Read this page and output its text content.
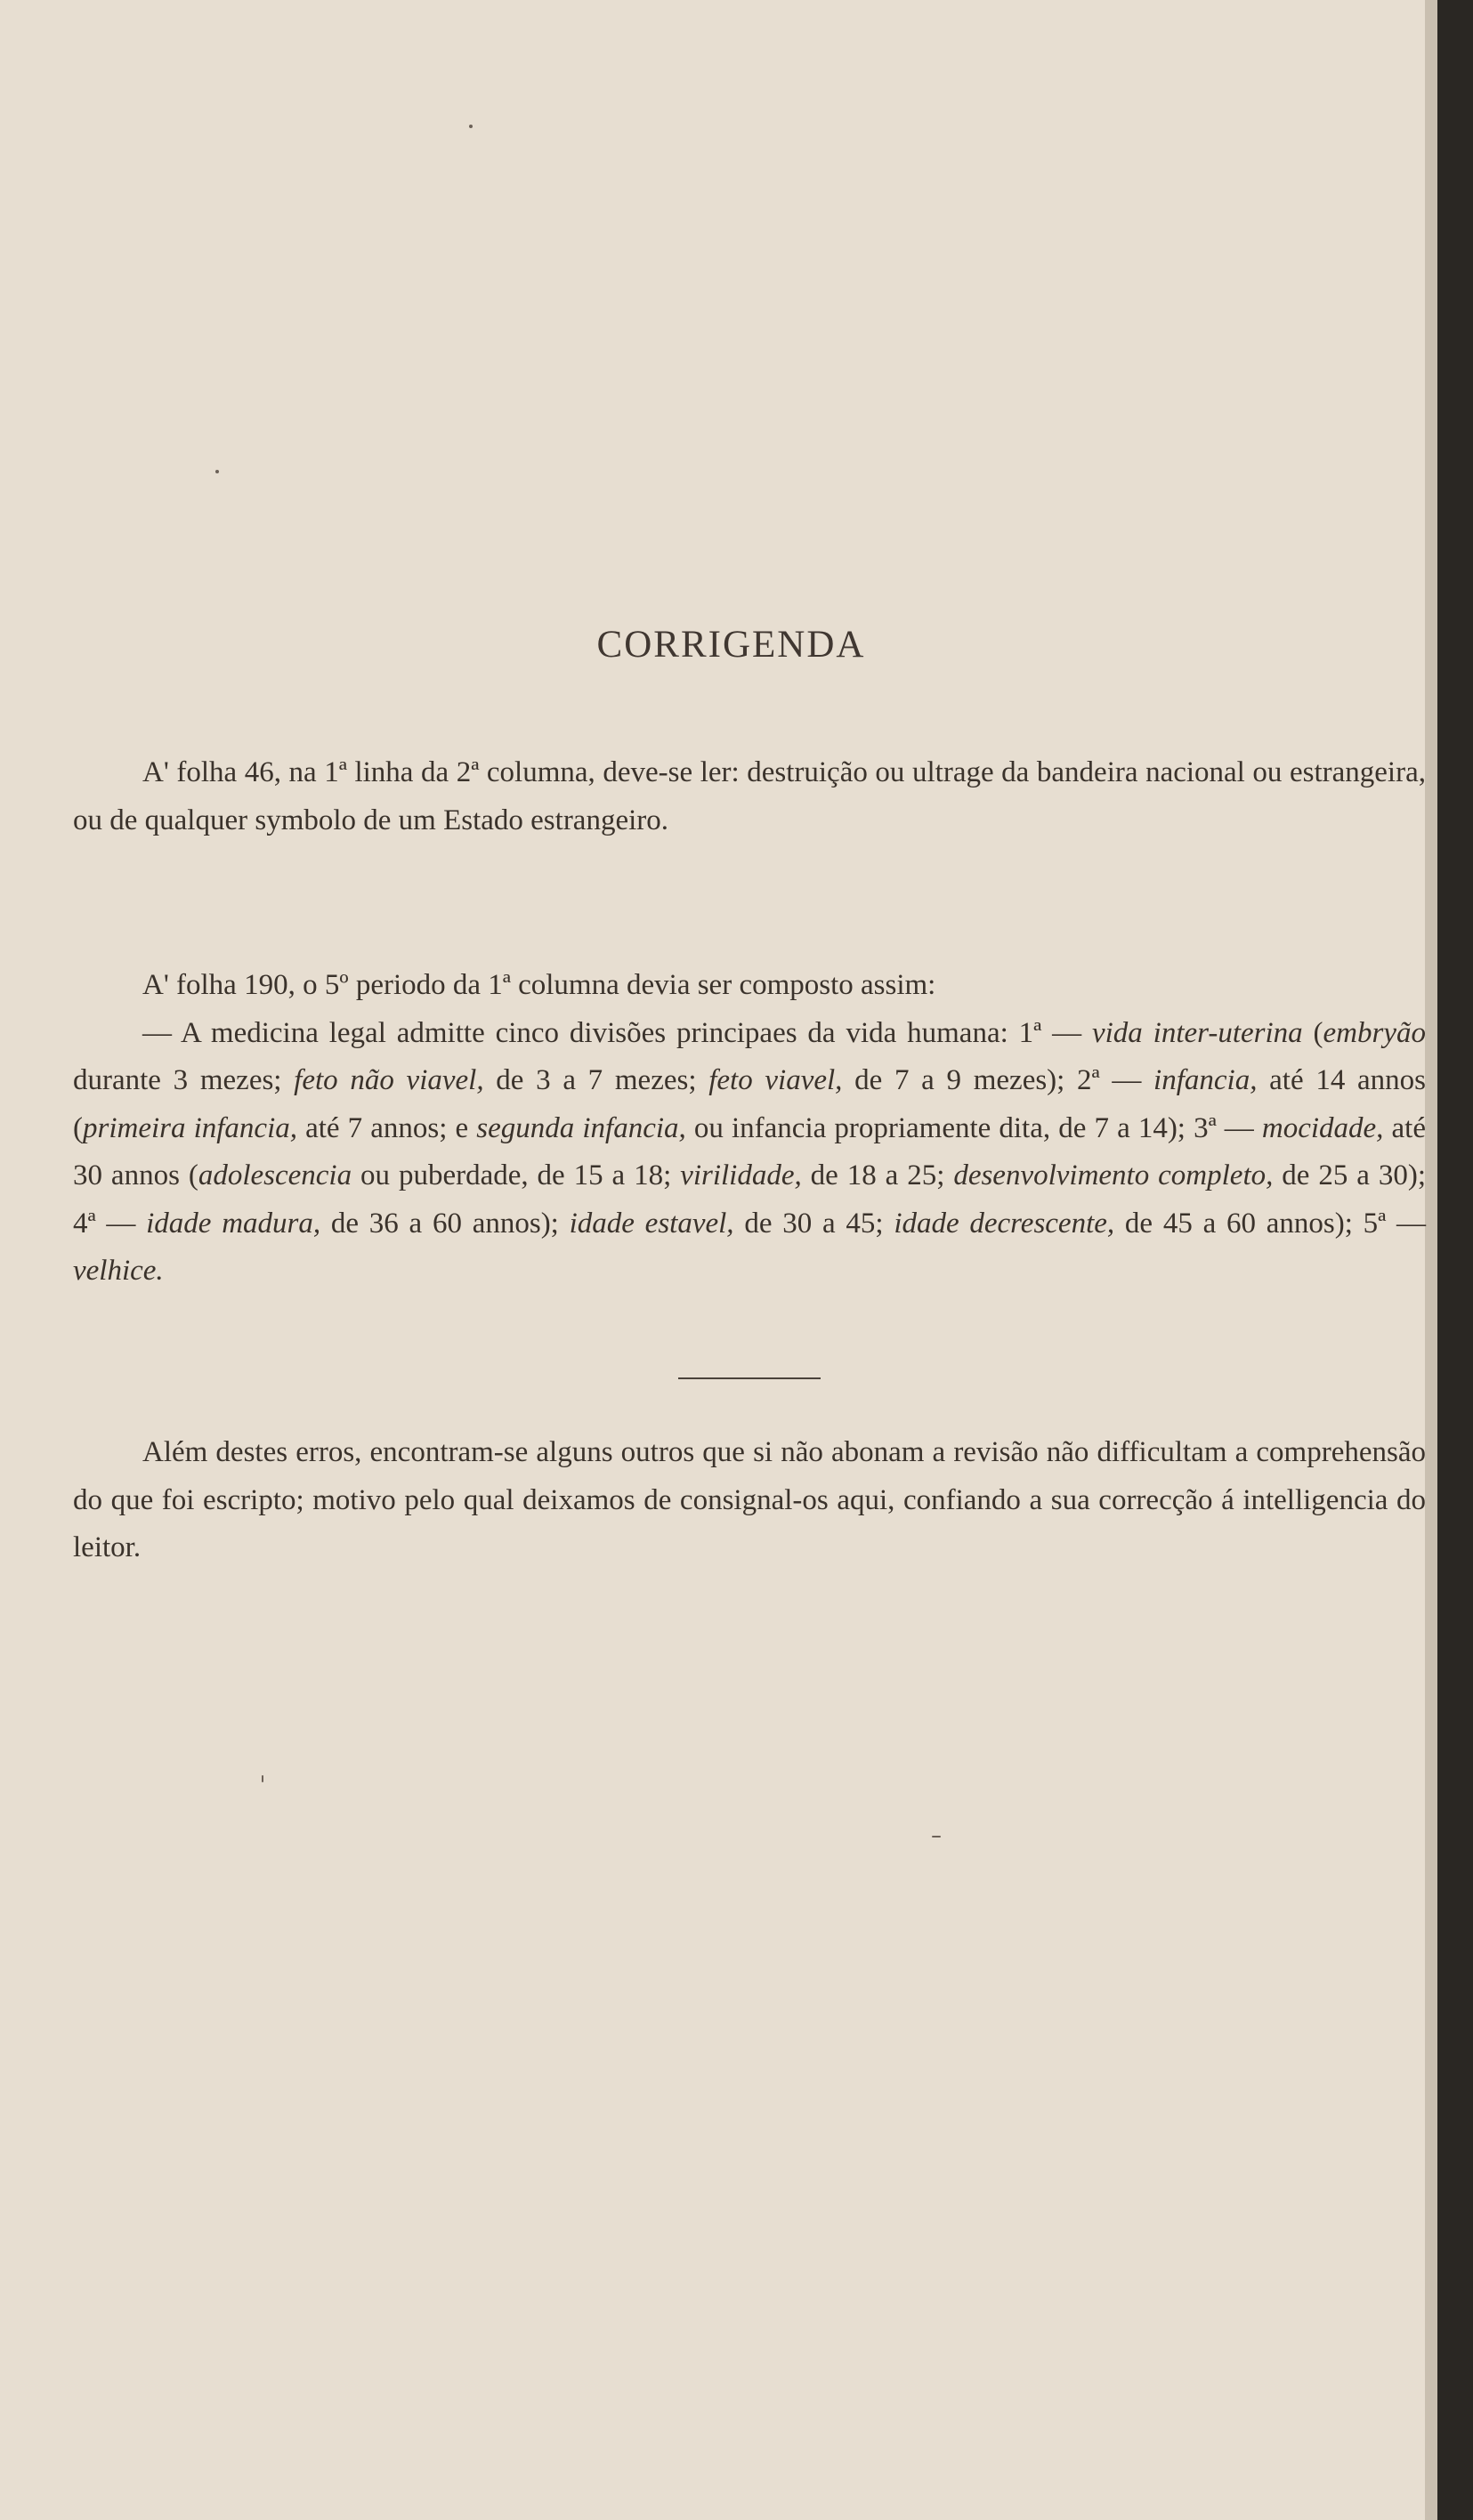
CORRIGENDA

A' folha 46, na 1ª linha da 2ª columna, deve-se ler: destruição ou ultrage da bandeira nacional ou estrangeira, ou de qualquer symbolo de um Estado estrangeiro.

A' folha 190, o 5º periodo da 1ª columna devia ser composto assim:

— A medicina legal admitte cinco divisões principaes da vida humana: 1ª — vida inter-uterina (embryão durante 3 mezes; feto não viavel, de 3 a 7 mezes; feto viavel, de 7 a 9 mezes); 2ª — infancia, até 14 annos (primeira infancia, até 7 annos; e segunda infancia, ou infancia propriamente dita, de 7 a 14); 3ª — mocidade, até 30 annos (adolescencia ou puberdade, de 15 a 18; virilidade, de 18 a 25; desenvolvimento completo, de 25 a 30); 4ª — idade madura, de 36 a 60 annos); idade estavel, de 30 a 45; idade decrescente, de 45 a 60 annos); 5ª — velhice.

Além destes erros, encontram-se alguns outros que si não abonam a revisão não difficultam a comprehensão do que foi escripto; motivo pelo qual deixamos de consignal-os aqui, confiando a sua correcção á intelligencia do leitor.
